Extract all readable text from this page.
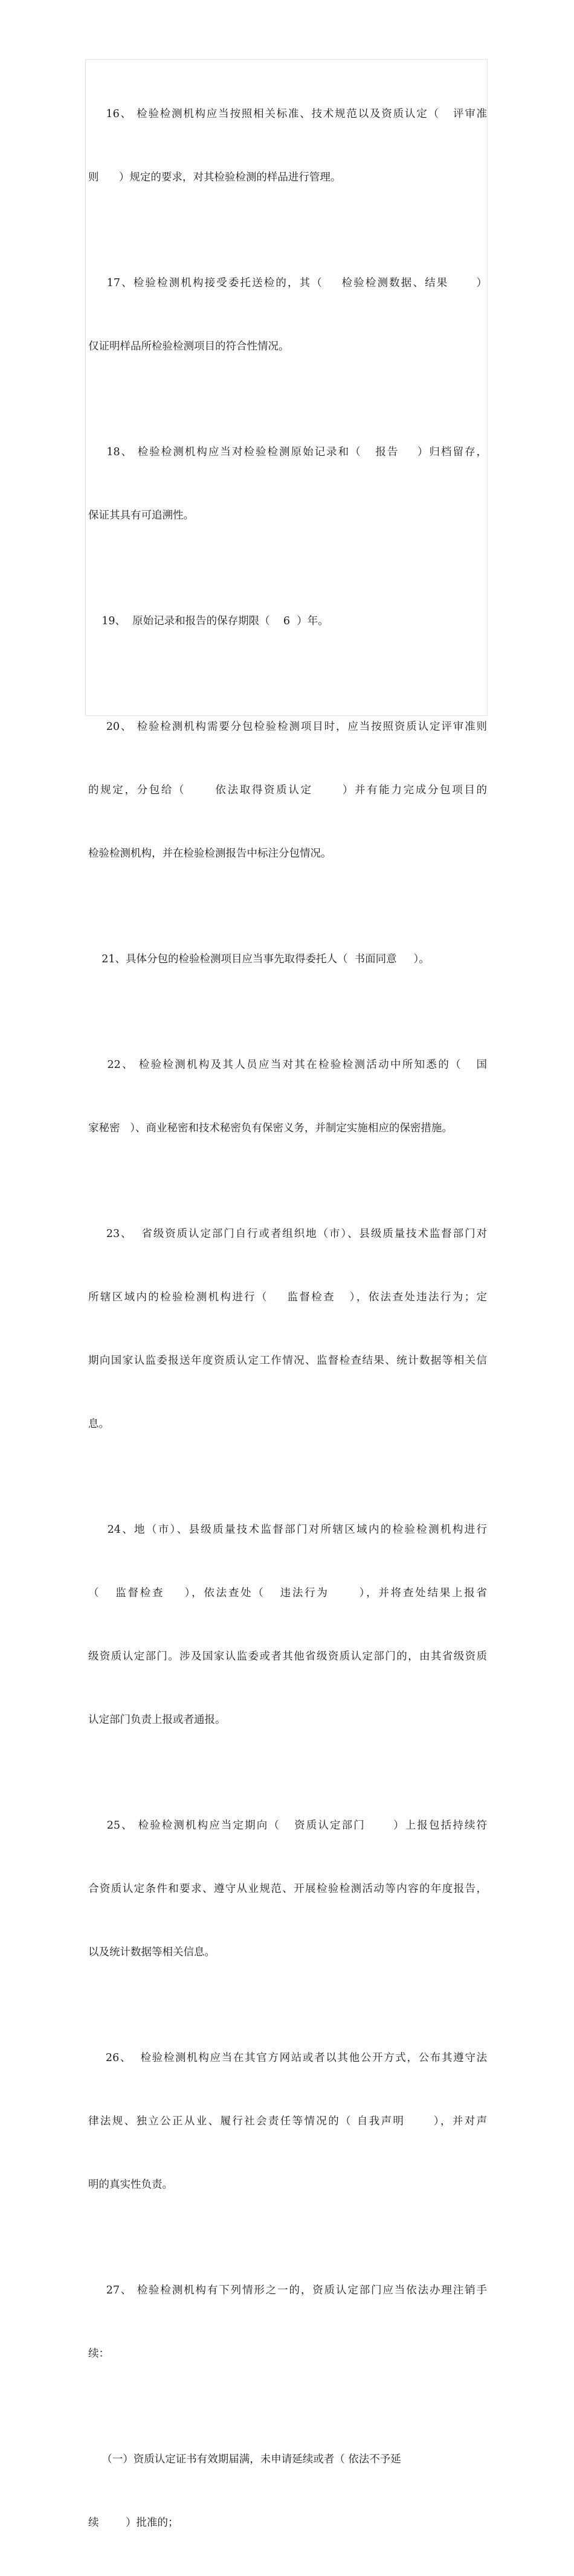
16、 检验检测机构应当按照相关标准、技术规范以及资质认定（   评审准

则      ）规定的要求，对其检验检测的样品进行管理。

17、检验检测机构接受委托送检的，其（    检验检测数据、结果      ）

仅证明样品所检验检测项目的符合性情况。

18、 检验检测机构应当对检验检测原始记录和（   报告    ）归档留存，

保证其具有可追溯性。

19、  原始记录和报告的保存期限（    6  ）年。

20、 检验检测机构需要分包检验检测项目时，应当按照资质认定评审准则

的规定，分包给（      依法取得资质认定      ）并有能力完成分包项目的

检验检测机构，并在检验检测报告中标注分包情况。

21、具体分包的检验检测项目应当事先取得委托人（  书面同意     ）。

22、 检验检测机构及其人员应当对其在检验检测活动中所知悉的（   国

家秘密   ）、商业秘密和技术秘密负有保密义务，并制定实施相应的保密措施。

23、  省级资质认定部门自行或者组织地（市）、县级质量技术监督部门对

所辖区域内的检验检测机构进行（    监督检查   ），依法查处违法行为；定

期向国家认监委报送年度资质认定工作情况、监督检查结果、统计数据等相关信

息。

24、地（市）、县级质量技术监督部门对所辖区域内的检验检测机构进行

（   监督检查    ），依法查处（   违法行为      ），并将查处结果上报省

级资质认定部门。涉及国家认监委或者其他省级资质认定部门的，由其省级资质

认定部门负责上报或者通报。

25、 检验检测机构应当定期向（   资质认定部门      ）上报包括持续符

合资质认定条件和要求、遵守从业规范、开展检验检测活动等内容的年度报告，

以及统计数据等相关信息。

26、  检验检测机构应当在其官方网站或者以其他公开方式，公布其遵守法

律法规、独立公正从业、履行社会责任等情况的（ 自我声明      ），并对声

明的真实性负责。

27、 检验检测机构有下列情形之一的，资质认定部门应当依法办理注销手

续：

（一）资质认定证书有效期届满，未申请延续或者（ 依法不予延

续        ）批准的；
